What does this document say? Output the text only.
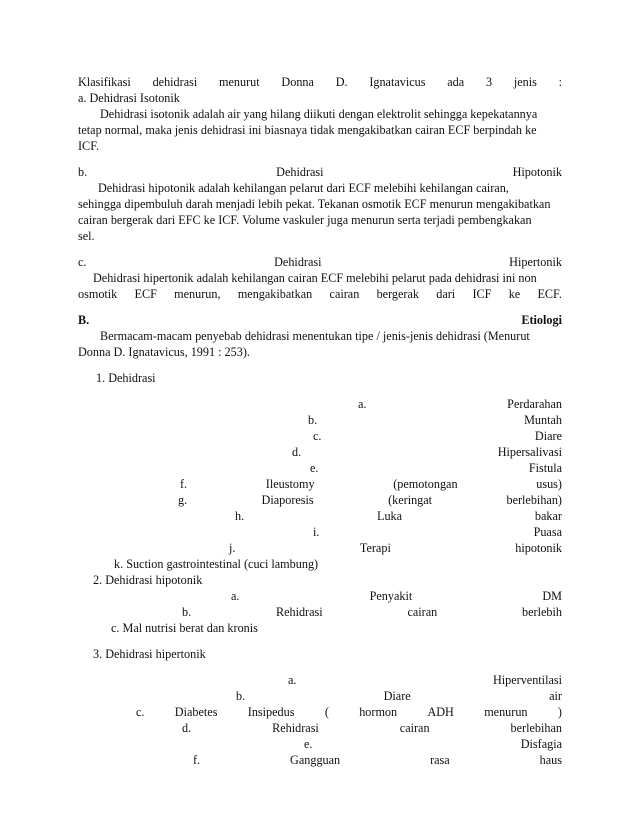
Klasifikasi dehidrasi menurut Donna D. Ignatavicus ada 3 jenis :
a. Dehidrasi Isotonik
Dehidrasi isotonik adalah air yang hilang diikuti dengan elektrolit sehingga kepekatannya
tetap normal, maka jenis dehidrasi ini biasnaya tidak mengakibatkan cairan ECF berpindah ke
ICF.
b.	Dehidrasi	Hipotonik
Dehidrasi hipotonik adalah kehilangan pelarut dari ECF melebihi kehilangan cairan,
sehingga dipembuluh darah menjadi lebih pekat. Tekanan osmotik ECF menurun mengakibatkan
cairan bergerak dari EFC ke ICF. Volume vaskuler juga menurun serta terjadi pembengkakan
sel.
c.	Dehidrasi	Hipertonik
Dehidrasi hipertonik adalah kehilangan cairan ECF melebihi pelarut pada dehidrasi ini non
osmotik ECF menurun, mengakibatkan cairan bergerak dari ICF ke ECF.
B.	Etiologi
Bermacam-macam penyebab dehidrasi menentukan tipe / jenis-jenis dehidrasi (Menurut
Donna D. Ignatavicus, 1991 : 253).
1. Dehidrasi
a.	Perdarahan
b.	Muntah
c.	Diare
d.	Hipersalivasi
e.	Fistula
f.	Ileustomy	(pemotongan	usus)
g.	Diaporesis	(keringat	berlebihan)
h.	Luka	bakar
i.	Puasa
j.	Terapi	hipotonik
k. Suction gastrointestinal (cuci lambung)
2. Dehidrasi hipotonik
a.	Penyakit	DM
b.	Rehidrasi	cairan	berlebih
c. Mal nutrisi berat dan kronis
3. Dehidrasi hipertonik
a.	Hiperventilasi
b.	Diare	air
c. Diabetes Insipedus ( hormon ADH menurun )
d.	Rehidrasi	cairan	berlebihan
e.	Disfagia
f.	Gangguan	rasa	haus
